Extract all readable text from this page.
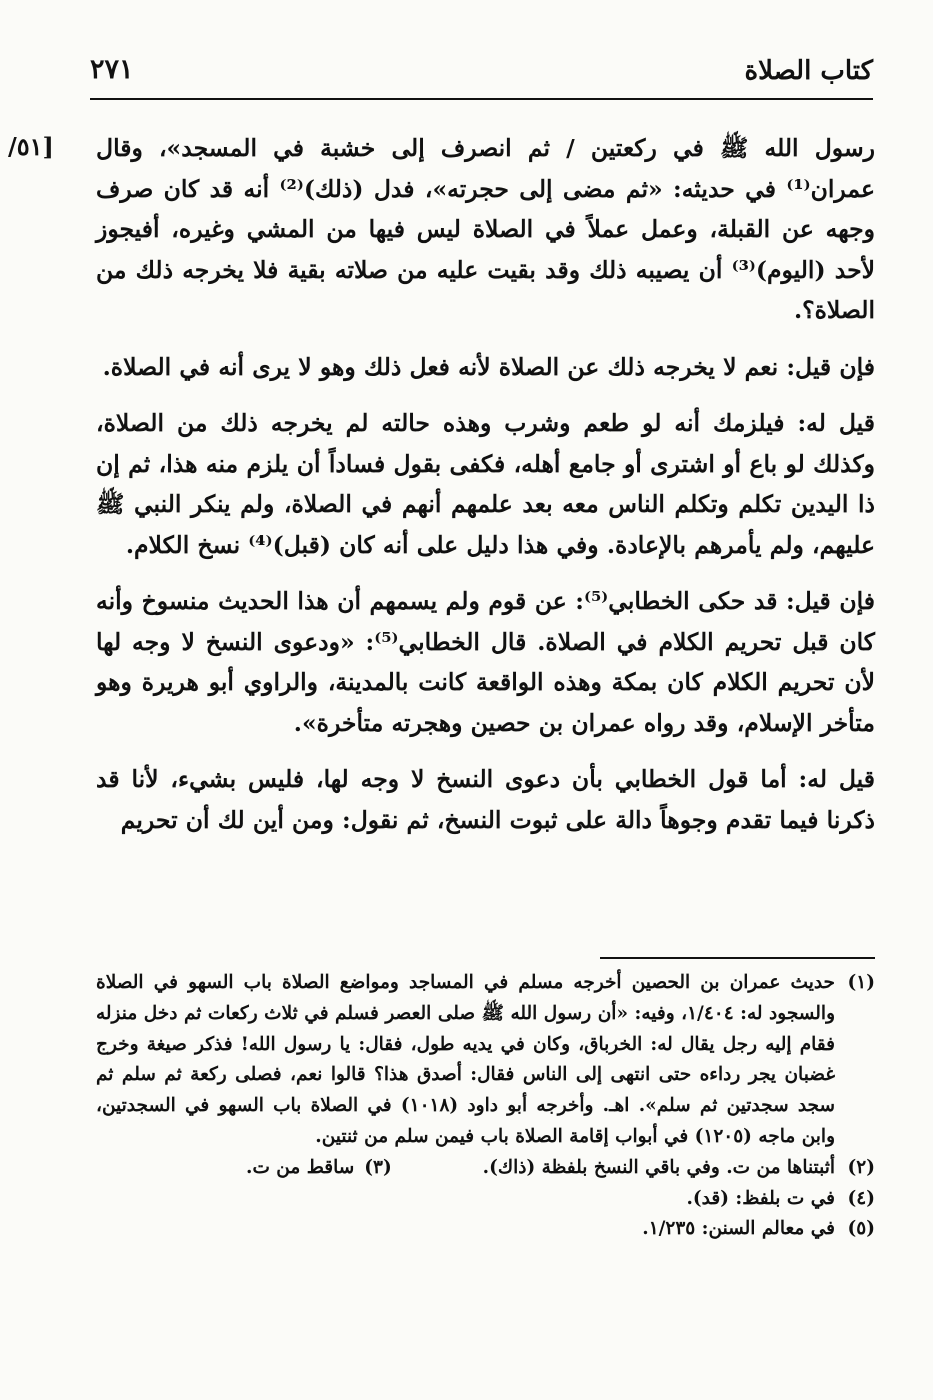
كتاب الصلاة
٢٧١
/٥١] رسول الله ﷺ في ركعتين / ثم انصرف إلى خشبة في المسجد»، وقال عمران⁽¹⁾ في حديثه: «ثم مضى إلى حجرته»، فدل (ذلك)⁽²⁾ أنه قد كان صرف وجهه عن القبلة، وعمل عملاً في الصلاة ليس فيها من المشي وغيره، أفيجوز لأحد (اليوم)⁽³⁾ أن يصيبه ذلك وقد بقيت عليه من صلاته بقية فلا يخرجه ذلك من الصلاة؟.

فإن قيل: نعم لا يخرجه ذلك عن الصلاة لأنه فعل ذلك وهو لا يرى أنه في الصلاة.

قيل له: فيلزمك أنه لو طعم وشرب وهذه حالته لم يخرجه ذلك من الصلاة، وكذلك لو باع أو اشترى أو جامع أهله، فكفى بقول فساداً أن يلزم منه هذا، ثم إن ذا اليدين تكلم وتكلم الناس معه بعد علمهم أنهم في الصلاة، ولم ينكر النبي ﷺ عليهم، ولم يأمرهم بالإعادة. وفي هذا دليل على أنه كان (قبل)⁽⁴⁾ نسخ الكلام.

فإن قيل: قد حكى الخطابي⁽⁵⁾: عن قوم ولم يسمهم أن هذا الحديث منسوخ وأنه كان قبل تحريم الكلام في الصلاة. قال الخطابي⁽⁵⁾: «ودعوى النسخ لا وجه لها لأن تحريم الكلام كان بمكة وهذه الواقعة كانت بالمدينة، والراوي أبو هريرة وهو متأخر الإسلام، وقد رواه عمران بن حصين وهجرته متأخرة».

قيل له: أما قول الخطابي بأن دعوى النسخ لا وجه لها، فليس بشيء، لأنا قد ذكرنا فيما تقدم وجوهاً دالة على ثبوت النسخ، ثم نقول: ومن أين لك أن تحريم

(١)
حديث عمران بن الحصين أخرجه مسلم في المساجد ومواضع الصلاة باب السهو في الصلاة والسجود له: ١/٤٠٤، وفيه: «أن رسول الله ﷺ صلى العصر فسلم في ثلاث ركعات ثم دخل منزله فقام إليه رجل يقال له: الخرباق، وكان في يديه طول، فقال: يا رسول الله! فذكر صيغة وخرج غضبان يجر رداءه حتى انتهى إلى الناس فقال: أصدق هذا؟ قالوا نعم، فصلى ركعة ثم سلم ثم سجد سجدتين ثم سلم». اهـ. وأخرجه أبو داود (١٠١٨) في الصلاة باب السهو في السجدتين، وابن ماجه (١٢٠٥) في أبواب إقامة الصلاة باب فيمن سلم من ثنتين.
(٢)
أثبتناها من ت. وفي باقي النسخ بلفظة (ذاك).
(٣)
ساقط من ت.
(٤)
في ت بلفظ: (قد).
(٥)
في معالم السنن: ١/٢٣٥.
